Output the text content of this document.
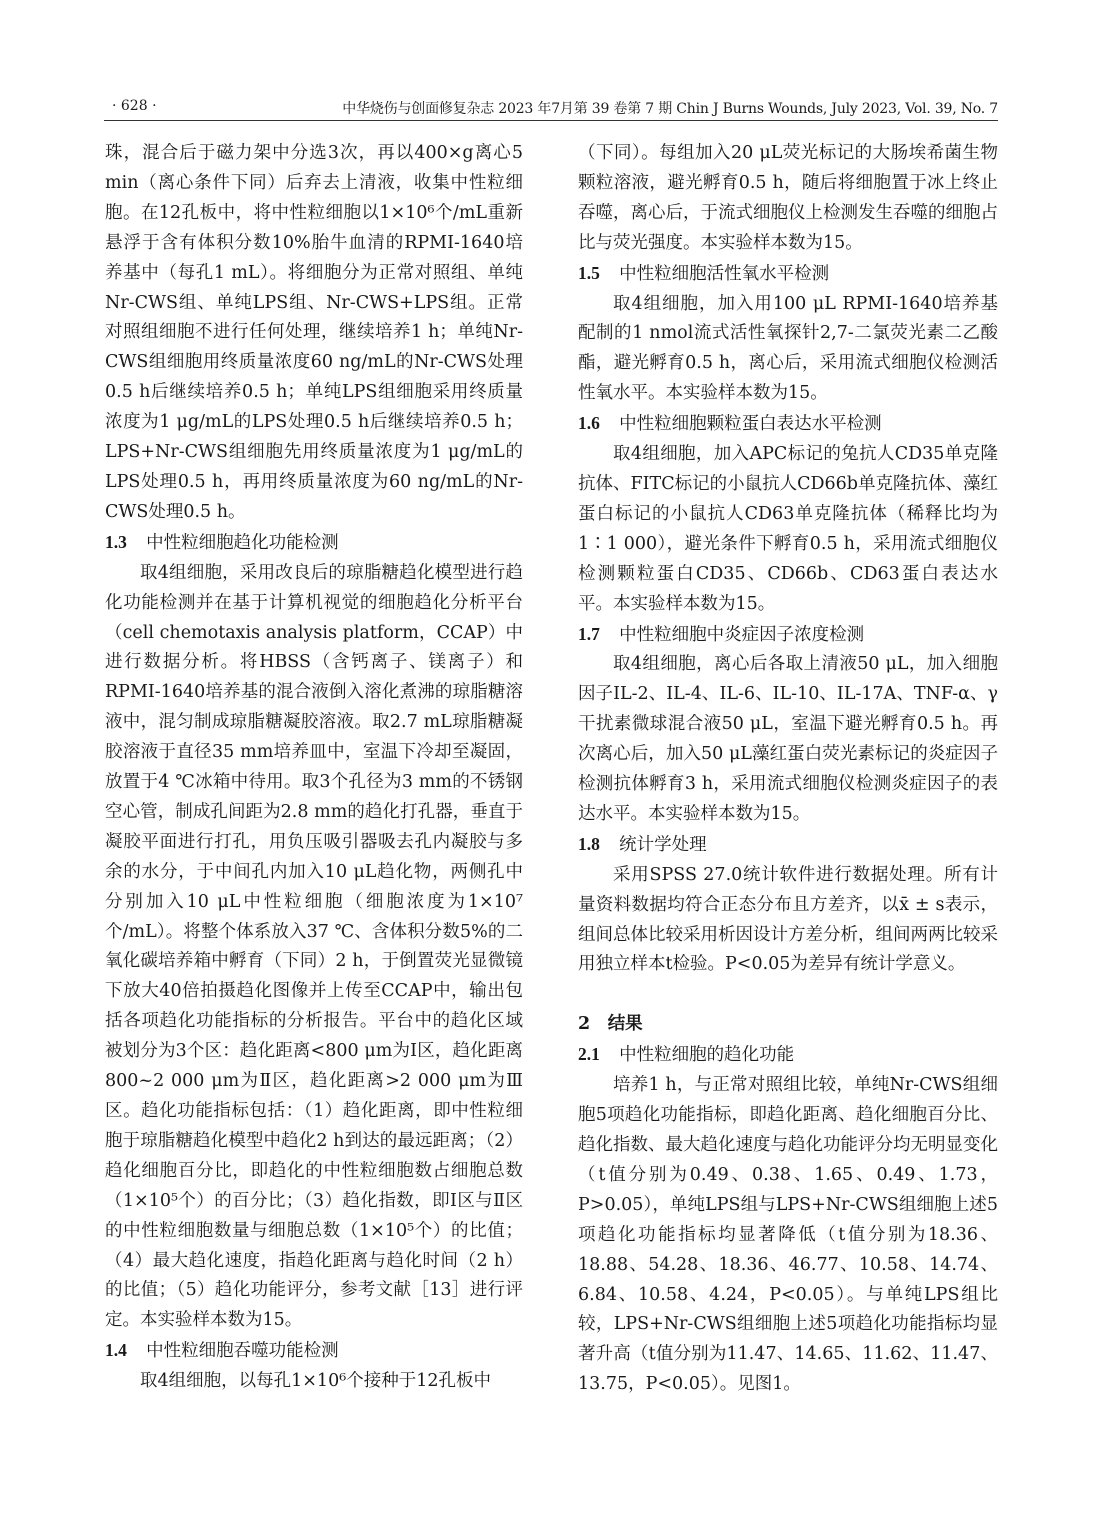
· 628 ·	中华烧伤与创面修复杂志 2023 年7月第 39 卷第 7 期 Chin J Burns Wounds, July 2023, Vol. 39, No. 7

珠，混合后于磁力架中分选3次，再以400×g离心5 min（离心条件下同）后弃去上清液，收集中性粒细胞。在12孔板中，将中性粒细胞以1×10⁶个/mL重新悬浮于含有体积分数10%胎牛血清的RPMI-1640培养基中（每孔1 mL）。将细胞分为正常对照组、单纯Nr-CWS组、单纯LPS组、Nr-CWS+LPS组。正常对照组细胞不进行任何处理，继续培养1 h；单纯Nr-CWS组细胞用终质量浓度60 ng/mL的Nr-CWS处理0.5 h后继续培养0.5 h；单纯LPS组细胞采用终质量浓度为1 μg/mL的LPS处理0.5 h后继续培养0.5 h；LPS+Nr-CWS组细胞先用终质量浓度为1 μg/mL的LPS处理0.5 h，再用终质量浓度为60 ng/mL的Nr-CWS处理0.5 h。

1.3 中性粒细胞趋化功能检测

取4组细胞，采用改良后的琼脂糖趋化模型进行趋化功能检测并在基于计算机视觉的细胞趋化分析平台（cell chemotaxis analysis platform，CCAP）中进行数据分析。将HBSS（含钙离子、镁离子）和RPMI-1640培养基的混合液倒入溶化煮沸的琼脂糖溶液中，混匀制成琼脂糖凝胶溶液。取2.7 mL琼脂糖凝胶溶液于直径35 mm培养皿中，室温下冷却至凝固，放置于4 ℃冰箱中待用。取3个孔径为3 mm的不锈钢空心管，制成孔间距为2.8 mm的趋化打孔器，垂直于凝胶平面进行打孔，用负压吸引器吸去孔内凝胶与多余的水分，于中间孔内加入10 μL趋化物，两侧孔中分别加入10 μL中性粒细胞（细胞浓度为1×10⁷个/mL）。将整个体系放入37 ℃、含体积分数5%的二氧化碳培养箱中孵育（下同）2 h，于倒置荧光显微镜下放大40倍拍摄趋化图像并上传至CCAP中，输出包括各项趋化功能指标的分析报告。平台中的趋化区域被划分为3个区：趋化距离<800 μm为Ⅰ区，趋化距离800~2 000 μm为Ⅱ区，趋化距离>2 000 μm为Ⅲ区。趋化功能指标包括：（1）趋化距离，即中性粒细胞于琼脂糖趋化模型中趋化2 h到达的最远距离；（2）趋化细胞百分比，即趋化的中性粒细胞数占细胞总数（1×10⁵个）的百分比；（3）趋化指数，即Ⅰ区与Ⅱ区的中性粒细胞数量与细胞总数（1×10⁵个）的比值；（4）最大趋化速度，指趋化距离与趋化时间（2 h）的比值；（5）趋化功能评分，参考文献［13］进行评定。本实验样本数为15。

1.4 中性粒细胞吞噬功能检测

取4组细胞，以每孔1×10⁶个接种于12孔板中

（下同）。每组加入20 μL荧光标记的大肠埃希菌生物颗粒溶液，避光孵育0.5 h，随后将细胞置于冰上终止吞噬，离心后，于流式细胞仪上检测发生吞噬的细胞占比与荧光强度。本实验样本数为15。

1.5 中性粒细胞活性氧水平检测

取4组细胞，加入用100 μL RPMI-1640培养基配制的1 nmol流式活性氧探针2,7-二氯荧光素二乙酸酯，避光孵育0.5 h，离心后，采用流式细胞仪检测活性氧水平。本实验样本数为15。

1.6 中性粒细胞颗粒蛋白表达水平检测

取4组细胞，加入APC标记的兔抗人CD35单克隆抗体、FITC标记的小鼠抗人CD66b单克隆抗体、藻红蛋白标记的小鼠抗人CD63单克隆抗体（稀释比均为1∶1 000），避光条件下孵育0.5 h，采用流式细胞仪检测颗粒蛋白CD35、CD66b、CD63蛋白表达水平。本实验样本数为15。

1.7 中性粒细胞中炎症因子浓度检测

取4组细胞，离心后各取上清液50 μL，加入细胞因子IL-2、IL-4、IL-6、IL-10、IL-17A、TNF-α、γ干扰素微球混合液50 μL，室温下避光孵育0.5 h。再次离心后，加入50 μL藻红蛋白荧光素标记的炎症因子检测抗体孵育3 h，采用流式细胞仪检测炎症因子的表达水平。本实验样本数为15。

1.8 统计学处理

采用SPSS 27.0统计软件进行数据处理。所有计量资料数据均符合正态分布且方差齐，以x̄ ± s表示，组间总体比较采用析因设计方差分析，组间两两比较采用独立样本t检验。P<0.05为差异有统计学意义。

2 结果
2.1 中性粒细胞的趋化功能

培养1 h，与正常对照组比较，单纯Nr-CWS组细胞5项趋化功能指标，即趋化距离、趋化细胞百分比、趋化指数、最大趋化速度与趋化功能评分均无明显变化（t值分别为0.49、0.38、1.65、0.49、1.73，P>0.05），单纯LPS组与LPS+Nr-CWS组细胞上述5项趋化功能指标均显著降低（t值分别为18.36、18.88、54.28、18.36、46.77、10.58、14.74、6.84、10.58、4.24，P<0.05）。与单纯LPS组比较，LPS+Nr-CWS组细胞上述5项趋化功能指标均显著升高（t值分别为11.47、14.65、11.62、11.47、13.75，P<0.05）。见图1。
